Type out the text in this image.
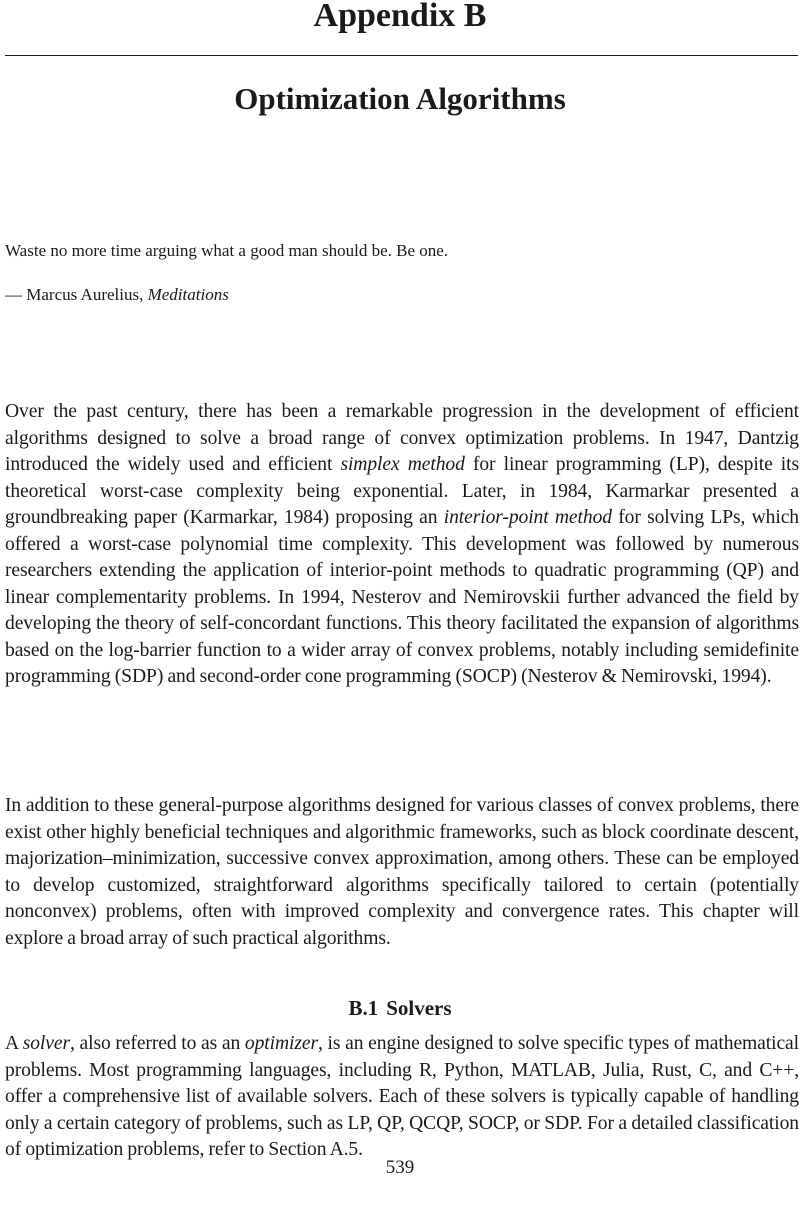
Appendix B
Optimization Algorithms

Waste no more time arguing what a good man should be. Be one.

— Marcus Aurelius, Meditations

Over the past century, there has been a remarkable progression in the development of efficient algorithms designed to solve a broad range of convex optimization problems. In 1947, Dantzig introduced the widely used and efficient simplex method for linear programming (LP), despite its theoretical worst-case complexity being exponential. Later, in 1984, Karmarkar presented a groundbreaking paper (Karmarkar, 1984) proposing an interior-point method for solving LPs, which offered a worst-case polynomial time complexity. This development was followed by numerous researchers extending the application of interior-point methods to quadratic programming (QP) and linear complementarity problems. In 1994, Nesterov and Nemirovskii further advanced the field by developing the theory of self-concordant functions. This theory facilitated the expansion of algorithms based on the log-barrier function to a wider array of convex problems, notably including semidefinite programming (SDP) and second-order cone programming (SOCP) (Nesterov & Nemirovski, 1994).

In addition to these general-purpose algorithms designed for various classes of convex problems, there exist other highly beneficial techniques and algorithmic frameworks, such as block coordinate descent, majorization–minimization, successive convex approximation, among others. These can be employed to develop customized, straightforward algorithms specifically tailored to certain (potentially nonconvex) problems, often with improved complexity and convergence rates. This chapter will explore a broad array of such practical algorithms.

B.1 Solvers

A solver, also referred to as an optimizer, is an engine designed to solve specific types of mathematical problems. Most programming languages, including R, Python, MATLAB, Julia, Rust, C, and C++, offer a comprehensive list of available solvers. Each of these solvers is typically capable of handling only a certain category of problems, such as LP, QP, QCQP, SOCP, or SDP. For a detailed classification of optimization problems, refer to Section A.5.

539
